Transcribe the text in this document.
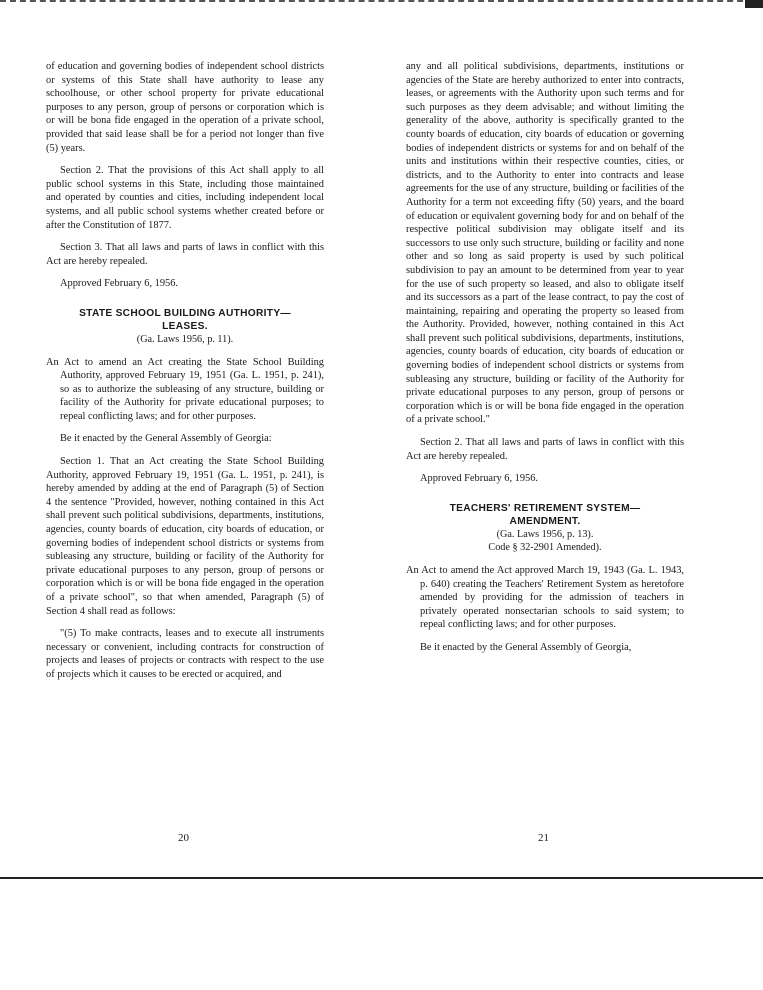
of education and governing bodies of independent school districts or systems of this State shall have authority to lease any schoolhouse, or other school property for private educational purposes to any person, group of persons or corporation which is or will be bona fide engaged in the operation of a private school, provided that said lease shall be for a period not longer than five (5) years.

Section 2. That the provisions of this Act shall apply to all public school systems in this State, including those maintained and operated by counties and cities, including independent local systems, and all public school systems whether created before or after the Constitution of 1877.

Section 3. That all laws and parts of laws in conflict with this Act are hereby repealed.

Approved February 6, 1956.

STATE SCHOOL BUILDING AUTHORITY—
LEASES.
(Ga. Laws 1956, p. 11).

An Act to amend an Act creating the State School Building Authority, approved February 19, 1951 (Ga. L. 1951, p. 241), so as to authorize the subleasing of any structure, building or facility of the Authority for private educational purposes; to repeal conflicting laws; and for other purposes.

Be it enacted by the General Assembly of Georgia:

Section 1. That an Act creating the State School Building Authority, approved February 19, 1951 (Ga. L. 1951, p. 241), is hereby amended by adding at the end of Paragraph (5) of Section 4 the sentence "Provided, however, nothing contained in this Act shall prevent such political subdivisions, departments, institutions, agencies, county boards of education, city boards of education, or governing bodies of independent school districts or systems from subleasing any structure, building or facility of the Authority for private educational purposes to any person, group of persons or corporation which is or will be bona fide engaged in the operation of a private school", so that when amended, Paragraph (5) of Section 4 shall read as follows:

"(5) To make contracts, leases and to execute all instruments necessary or convenient, including contracts for construction of projects and leases of projects or contracts with respect to the use of projects which it causes to be erected or acquired, and

any and all political subdivisions, departments, institutions or agencies of the State are hereby authorized to enter into contracts, leases, or agreements with the Authority upon such terms and for such purposes as they deem advisable; and without limiting the generality of the above, authority is specifically granted to the county boards of education, city boards of education or governing bodies of independent districts or systems for and on behalf of the units and institutions within their respective counties, cities, or districts, and to the Authority to enter into contracts and lease agreements for the use of any structure, building or facilities of the Authority for a term not exceeding fifty (50) years, and the board of education or equivalent governing body for and on behalf of the respective political subdivision may obligate itself and its successors to use only such structure, building or facility and none other and so long as said property is used by such political subdivision to pay an amount to be determined from year to year for the use of such property so leased, and also to obligate itself and its successors as a part of the lease contract, to pay the cost of maintaining, repairing and operating the property so leased from the Authority. Provided, however, nothing contained in this Act shall prevent such political subdivisions, departments, institutions, agencies, county boards of education, city boards of education or governing bodies of independent school districts or systems from subleasing any structure, building or facility of the Authority for private educational purposes to any person, group of persons or corporation which is or will be bona fide engaged in the operation of a private school."

Section 2. That all laws and parts of laws in conflict with this Act are hereby repealed.

Approved February 6, 1956.

TEACHERS' RETIREMENT SYSTEM—
AMENDMENT.
(Ga. Laws 1956, p. 13).
Code § 32-2901 Amended).

An Act to amend the Act approved March 19, 1943 (Ga. L. 1943, p. 640) creating the Teachers' Retirement System as heretofore amended by providing for the admission of teachers in privately operated nonsectarian schools to said system; to repeal conflicting laws; and for other purposes.

Be it enacted by the General Assembly of Georgia,

20	21
